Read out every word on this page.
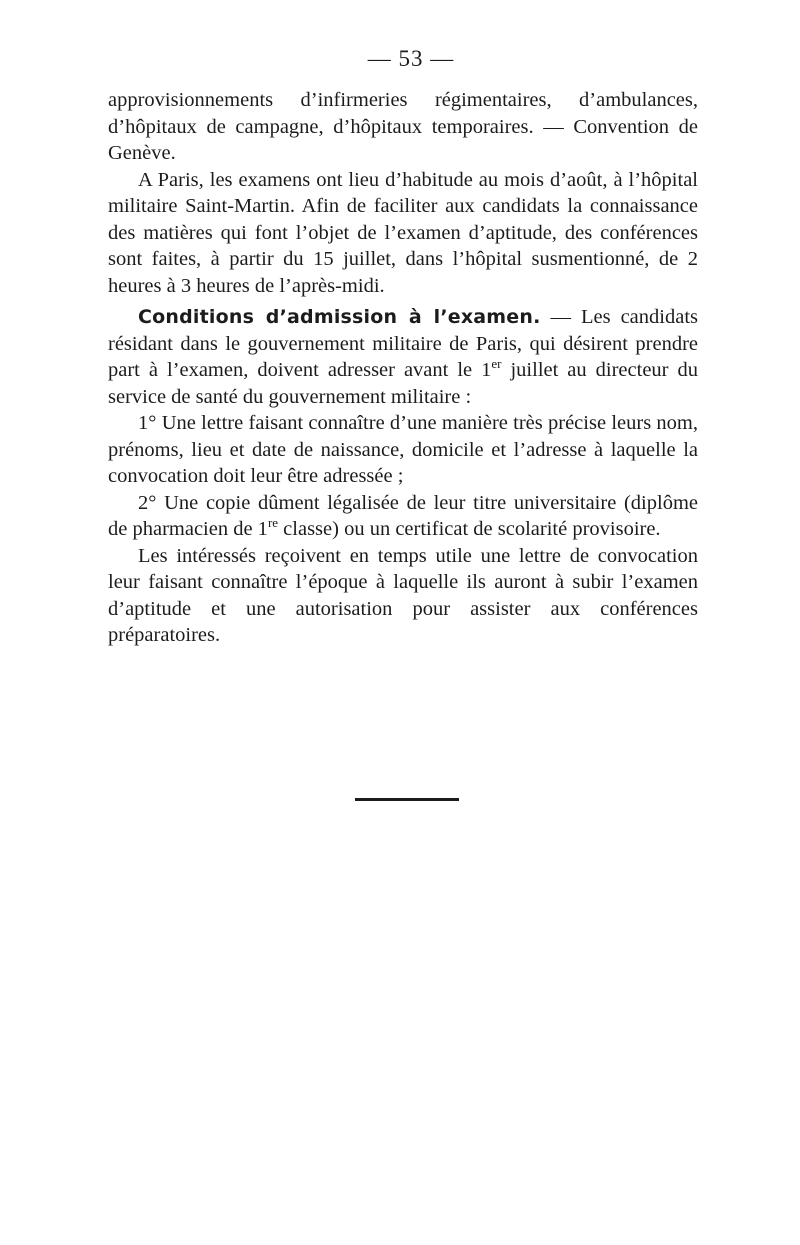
— 53 —

approvisionnements d’infirmeries régimentaires, d’ambulances, d’hôpitaux de campagne, d’hôpitaux temporaires. — Convention de Genève.

A Paris, les examens ont lieu d’habitude au mois d’août, à l’hôpital militaire Saint-Martin. Afin de faciliter aux candidats la connaissance des matières qui font l’objet de l’examen d’aptitude, des conférences sont faites, à partir du 15 juillet, dans l’hôpital susmentionné, de 2 heures à 3 heures de l’après-midi.

Conditions d’admission à l’examen. — Les candidats résidant dans le gouvernement militaire de Paris, qui désirent prendre part à l’examen, doivent adresser avant le 1er juillet au directeur du service de santé du gouvernement militaire :

1° Une lettre faisant connaître d’une manière très précise leurs nom, prénoms, lieu et date de naissance, domicile et l’adresse à laquelle la convocation doit leur être adressée ;

2° Une copie dûment légalisée de leur titre universitaire (diplôme de pharmacien de 1re classe) ou un certificat de scolarité provisoire.

Les intéressés reçoivent en temps utile une lettre de convocation leur faisant connaître l’époque à laquelle ils auront à subir l’examen d’aptitude et une autorisation pour assister aux conférences préparatoires.
